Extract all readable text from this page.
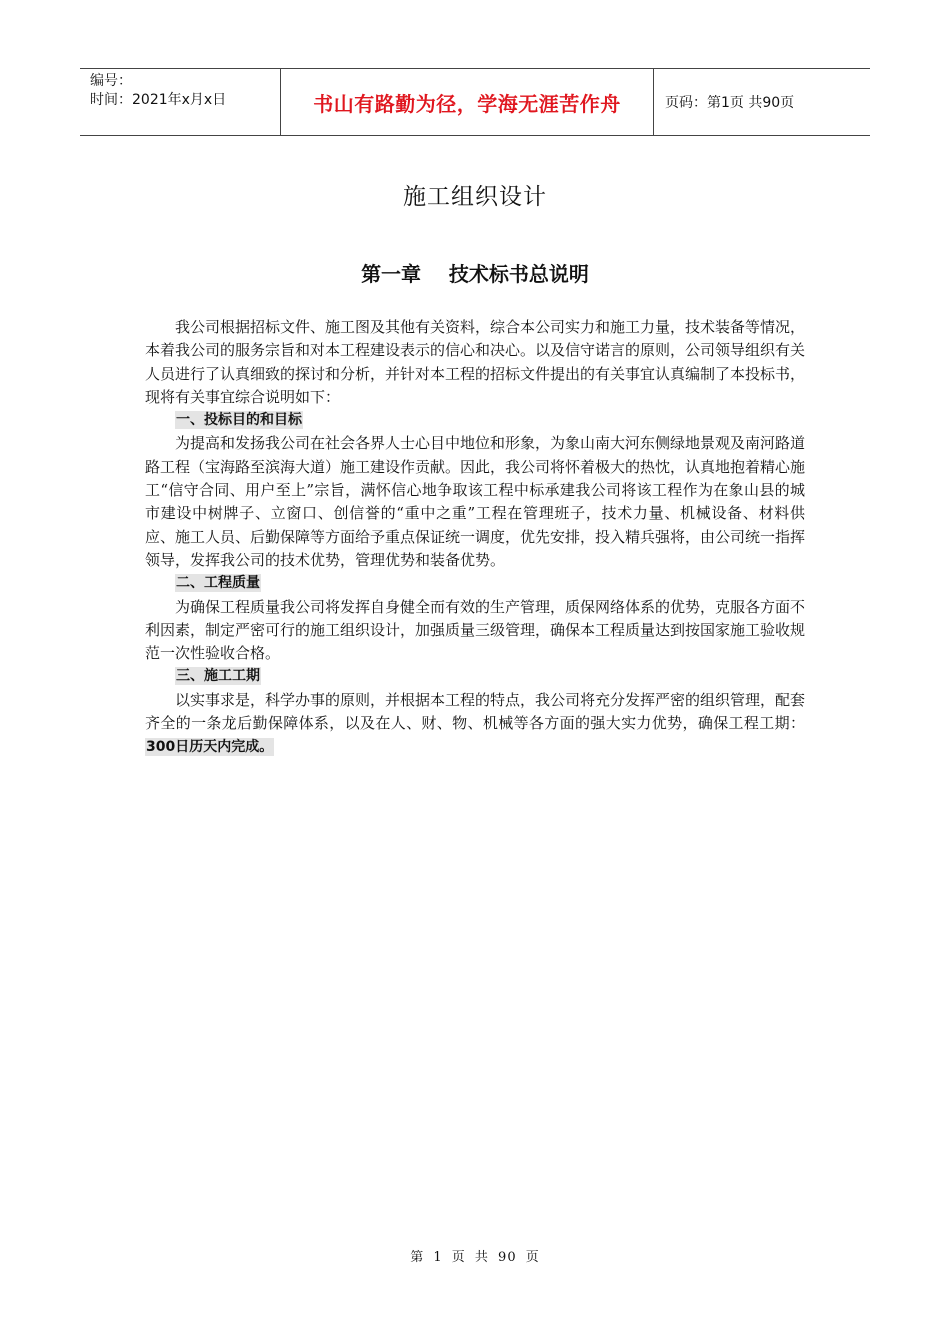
编号：
时间：2021年x月x日	书山有路勤为径，学海无涯苦作舟	页码：第1页 共90页
施工组织设计
第一章    技术标书总说明

我公司根据招标文件、施工图及其他有关资料，综合本公司实力和施工力量，技术装备等情况，本着我公司的服务宗旨和对本工程建设表示的信心和决心。以及信守诺言的原则，公司领导组织有关人员进行了认真细致的探讨和分析，并针对本工程的招标文件提出的有关事宜认真编制了本投标书，现将有关事宜综合说明如下：

一、投标目的和目标

为提高和发扬我公司在社会各界人士心目中地位和形象，为象山南大河东侧绿地景观及南河路道路工程（宝海路至滨海大道）施工建设作贡献。因此，我公司将怀着极大的热忱，认真地抱着精心施工“信守合同、用户至上”宗旨，满怀信心地争取该工程中标承建我公司将该工程作为在象山县的城市建设中树牌子、立窗口、创信誉的“重中之重”工程在管理班子，技术力量、机械设备、材料供应、施工人员、后勤保障等方面给予重点保证统一调度，优先安排，投入精兵强将，由公司统一指挥领导，发挥我公司的技术优势，管理优势和装备优势。

二、工程质量

为确保工程质量我公司将发挥自身健全而有效的生产管理，质保网络体系的优势，克服各方面不利因素，制定严密可行的施工组织设计，加强质量三级管理，确保本工程质量达到按国家施工验收规范一次性验收合格。

三、施工工期

以实事求是，科学办事的原则，并根据本工程的特点，我公司将充分发挥严密的组织管理，配套齐全的一条龙后勤保障体系，以及在人、财、物、机械等各方面的强大实力优势，确保工程工期：300日历天内完成。

第 1 页 共 90 页
